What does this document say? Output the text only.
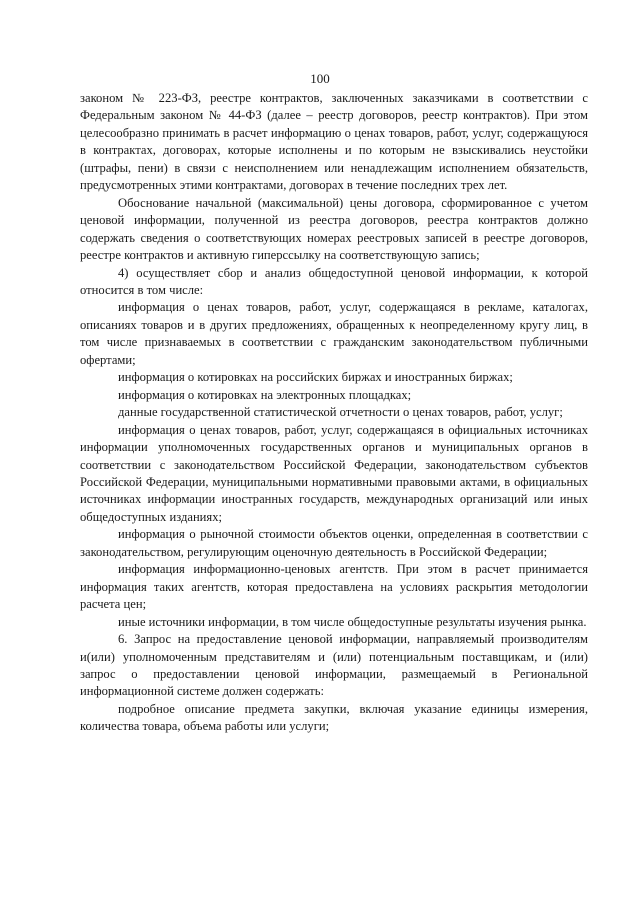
100

законом № 223-ФЗ, реестре контрактов, заключенных заказчиками в соответствии с Федеральным законом № 44-ФЗ (далее – реестр договоров, реестр контрактов). При этом целесообразно принимать в расчет информацию о ценах товаров, работ, услуг, содержащуюся в контрактах, договорах, которые исполнены и по которым не взыскивались неустойки (штрафы, пени) в связи с неисполнением или ненадлежащим исполнением обязательств, предусмотренных этими контрактами, договорах в течение последних трех лет.

Обоснование начальной (максимальной) цены договора, сформированное с учетом ценовой информации, полученной из реестра договоров, реестра контрактов должно содержать сведения о соответствующих номерах реестровых записей в реестре договоров, реестре контрактов и активную гиперссылку на соответствующую запись;

4) осуществляет сбор и анализ общедоступной ценовой информации, к которой относится в том числе:

информация о ценах товаров, работ, услуг, содержащаяся в рекламе, каталогах, описаниях товаров и в других предложениях, обращенных к неопределенному кругу лиц, в том числе признаваемых в соответствии с гражданским законодательством публичными офертами;

информация о котировках на российских биржах и иностранных биржах;

информация о котировках на электронных площадках;

данные государственной статистической отчетности о ценах товаров, работ, услуг;

информация о ценах товаров, работ, услуг, содержащаяся в официальных источниках информации уполномоченных государственных органов и муниципальных органов в соответствии с законодательством Российской Федерации, законодательством субъектов Российской Федерации, муниципальными нормативными правовыми актами, в официальных источниках информации иностранных государств, международных организаций или иных общедоступных изданиях;

информация о рыночной стоимости объектов оценки, определенная в соответствии с законодательством, регулирующим оценочную деятельность в Российской Федерации;

информация информационно-ценовых агентств. При этом в расчет принимается информация таких агентств, которая предоставлена на условиях раскрытия методологии расчета цен;

иные источники информации, в том числе общедоступные результаты изучения рынка.

6. Запрос на предоставление ценовой информации, направляемый производителям и(или) уполномоченным представителям и (или) потенциальным поставщикам, и (или) запрос о предоставлении ценовой информации, размещаемый в Региональной информационной системе должен содержать:

подробное описание предмета закупки, включая указание единицы измерения, количества товара, объема работы или услуги;
